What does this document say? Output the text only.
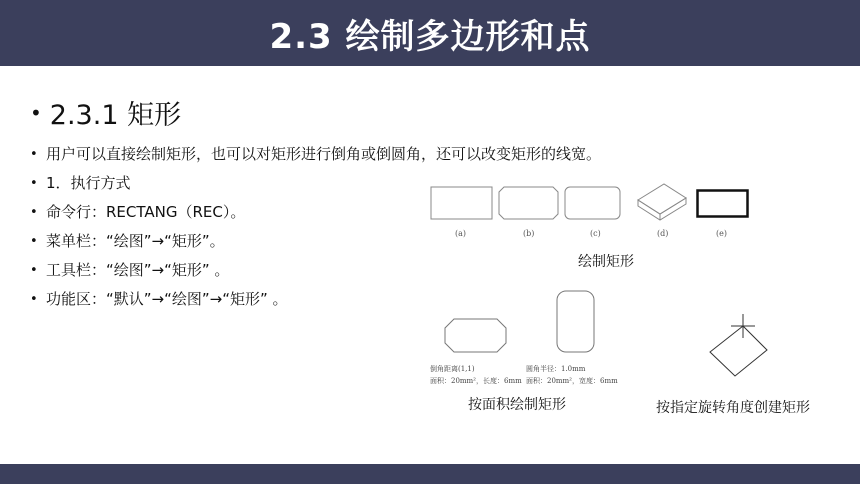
2.3 绘制多边形和点
• 2.3.1 矩形
• 用户可以直接绘制矩形，也可以对矩形进行倒角或倒圆角，还可以改变矩形的线宽。
• 1．执行方式
• 命令行：RECTANG（REC）。
• 菜单栏：“绘图”→“矩形”。
• 工具栏：“绘图”→“矩形” 。
• 功能区：“默认”→“绘图”→“矩形” 。
(a)	(b)	(c)	(d)	(e)
绘制矩形
倒角距离(1,1)
面积：20mm²，长度：6mm
圆角半径：1.0mm
面积：20mm²，宽度：6mm
按面积绘制矩形	按指定旋转角度创建矩形
